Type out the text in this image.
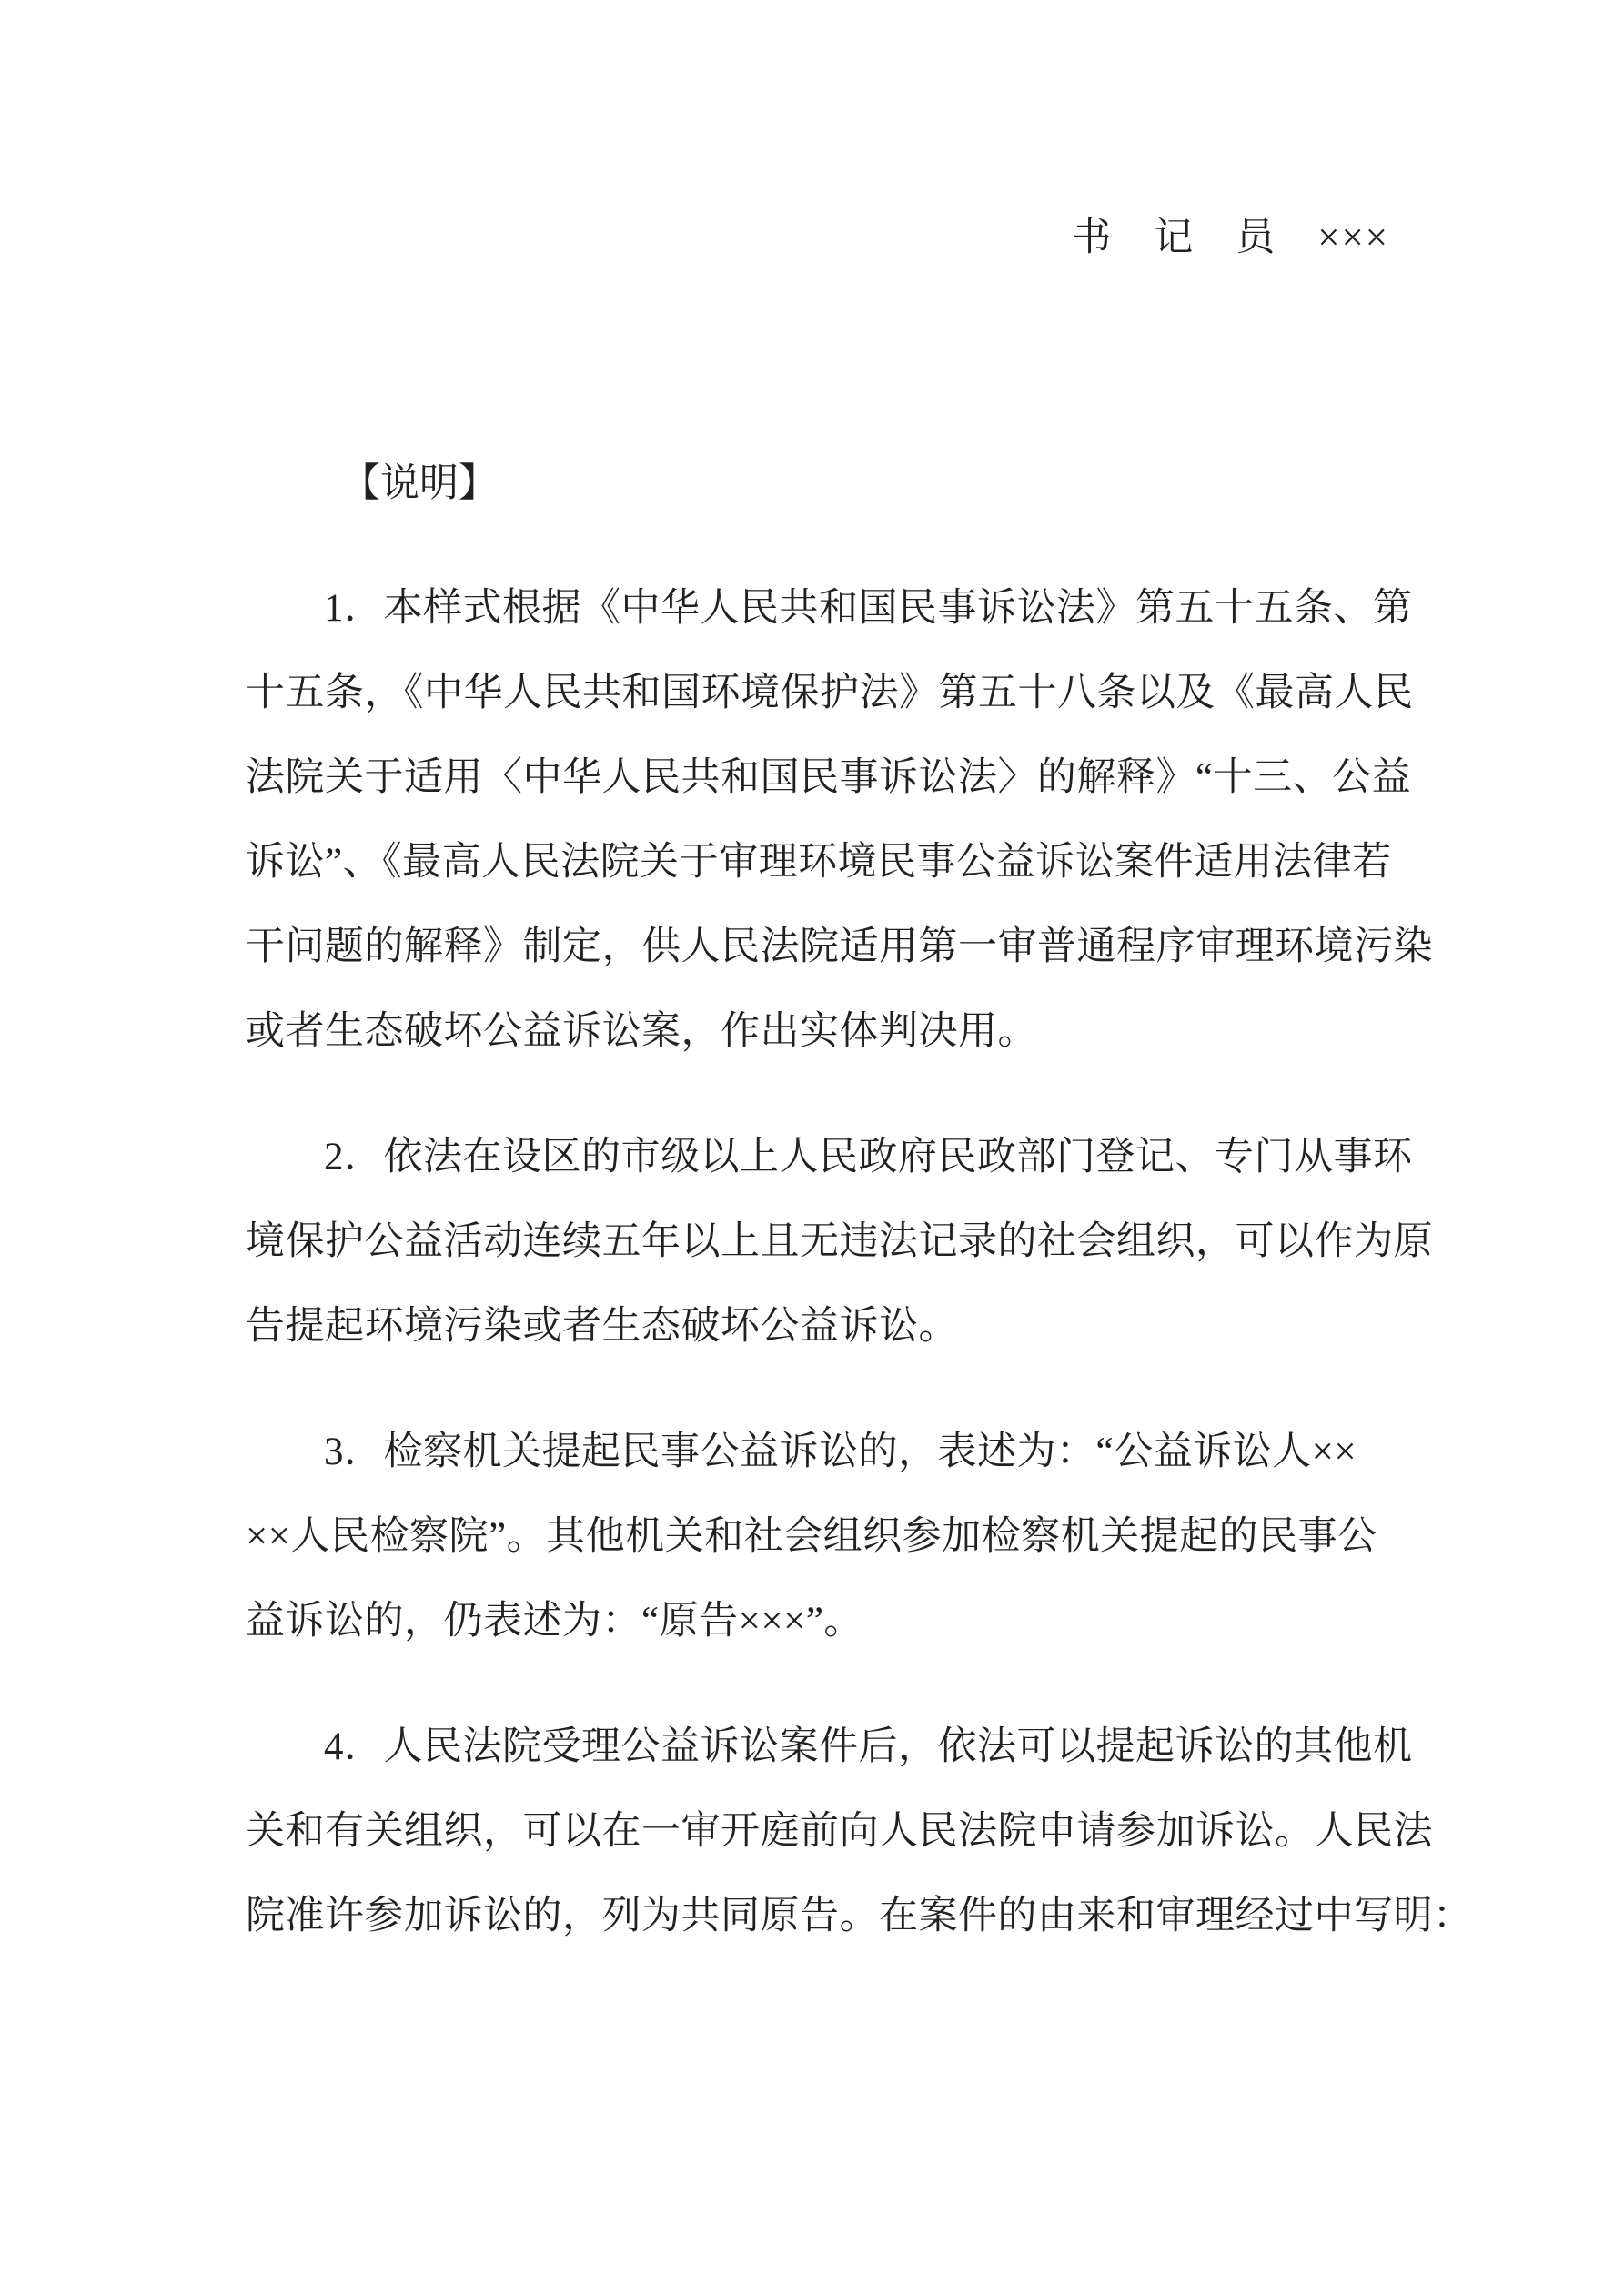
书　记　员　×××
【说明】
1．本样式根据《中华人民共和国民事诉讼法》第五十五条、第
十五条，《中华人民共和国环境保护法》第五十八条以及《最高人民
法院关于适用〈中华人民共和国民事诉讼法〉的解释》“十三、公益
诉讼”、《最高人民法院关于审理环境民事公益诉讼案件适用法律若
干问题的解释》制定，供人民法院适用第一审普通程序审理环境污染
或者生态破坏公益诉讼案，作出实体判决用。
2．依法在设区的市级以上人民政府民政部门登记、专门从事环
境保护公益活动连续五年以上且无违法记录的社会组织，可以作为原
告提起环境污染或者生态破坏公益诉讼。
3．检察机关提起民事公益诉讼的，表述为：“公益诉讼人××
××人民检察院”。其他机关和社会组织参加检察机关提起的民事公
益诉讼的，仍表述为：“原告×××”。
4．人民法院受理公益诉讼案件后，依法可以提起诉讼的其他机
关和有关组织，可以在一审开庭前向人民法院申请参加诉讼。人民法
院准许参加诉讼的，列为共同原告。在案件的由来和审理经过中写明：
